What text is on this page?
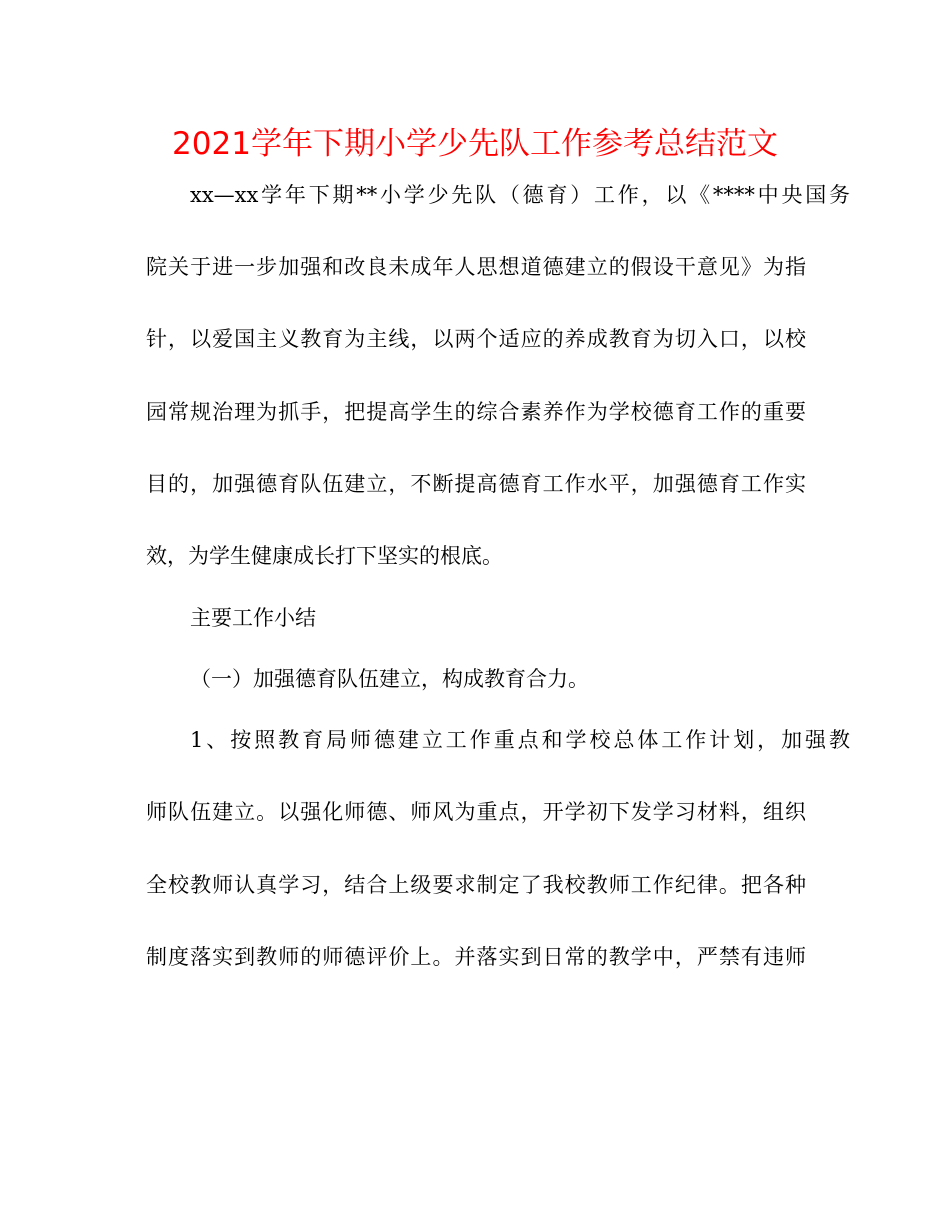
2021学年下期小学少先队工作参考总结范文

xx—xx学年下期**小学少先队（德育）工作，以《****中央国务

院关于进一步加强和改良未成年人思想道德建立的假设干意见》为指

针，以爱国主义教育为主线，以两个适应的养成教育为切入口，以校

园常规治理为抓手，把提高学生的综合素养作为学校德育工作的重要

目的，加强德育队伍建立，不断提高德育工作水平，加强德育工作实

效，为学生健康成长打下坚实的根底。

主要工作小结

（一）加强德育队伍建立，构成教育合力。

1、按照教育局师德建立工作重点和学校总体工作计划，加强教

师队伍建立。以强化师德、师风为重点，开学初下发学习材料，组织

全校教师认真学习，结合上级要求制定了我校教师工作纪律。把各种

制度落实到教师的师德评价上。并落实到日常的教学中，严禁有违师
